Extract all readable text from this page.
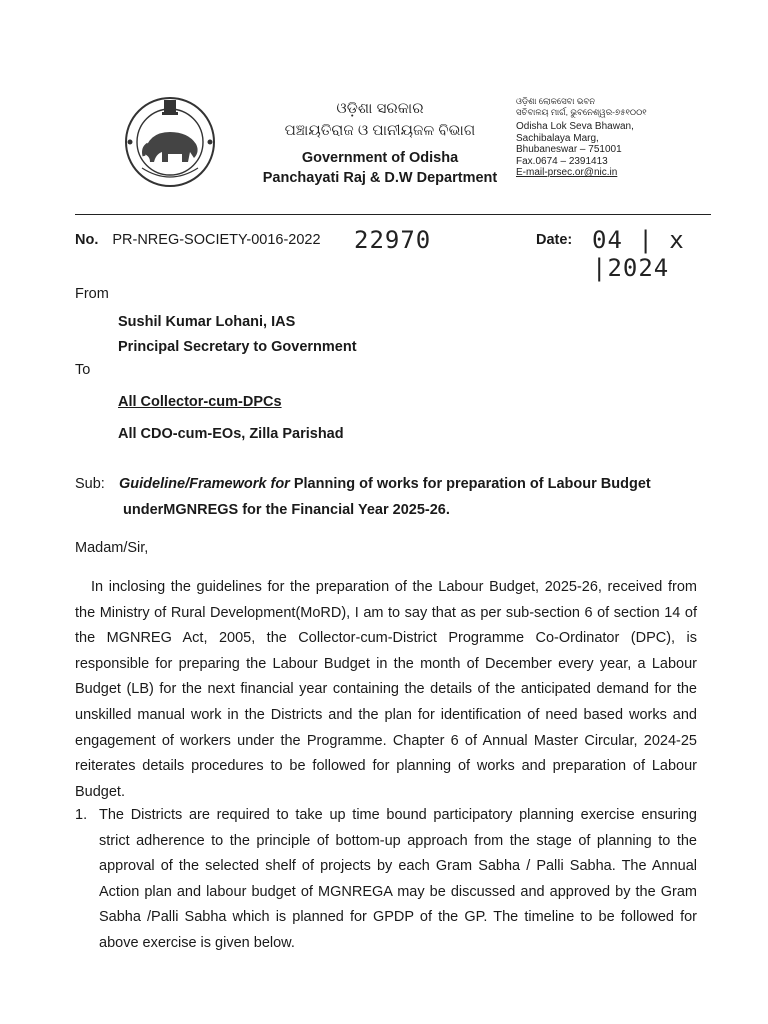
ଓଡ଼ିଶା ସରକାର
ପଞ୍ଚାୟତିରାଜ ଓ ପାନୀୟଜଳ ବିଭାଗ
Government of Odisha
Panchayati Raj & D.W Department
ଓଡ଼ିଶା ଲୋକସେବା ଭବନ
ସଚିବାଳୟ ମାର୍ଗ, ଭୁବନେଶ୍ୱର-୭୫୧୦୦୧
Odisha Lok Seva Bhawan,
Sachibalaya Marg,
Bhubaneswar – 751001
Fax.0674 – 2391413
E-mail-prsec.or@nic.in
No. PR-NREG-SOCIETY-0016-2022 22970	Date: 04 | x |2024
From
Sushil Kumar Lohani, IAS
Principal Secretary to Government
To
All Collector-cum-DPCs
All CDO-cum-EOs, Zilla Parishad
Sub: Guideline/Framework for Planning of works for preparation of Labour Budget
underMGNREGS for the Financial Year 2025-26.
Madam/Sir,
In inclosing the guidelines for the preparation of the Labour Budget, 2025-26, received from the Ministry of Rural Development(MoRD), I am to say that as per sub-section 6 of section 14 of the MGNREG Act, 2005, the Collector-cum-District Programme Co-Ordinator (DPC), is responsible for preparing the Labour Budget in the month of December every year, a Labour Budget (LB) for the next financial year containing the details of the anticipated demand for the unskilled manual work in the Districts and the plan for identification of need based works and engagement of workers under the Programme. Chapter 6 of Annual Master Circular, 2024-25 reiterates details procedures to be followed for planning of works and preparation of Labour Budget.
1. The Districts are required to take up time bound participatory planning exercise ensuring strict adherence to the principle of bottom-up approach from the stage of planning to the approval of the selected shelf of projects by each Gram Sabha / Palli Sabha. The Annual Action plan and labour budget of MGNREGA may be discussed and approved by the Gram Sabha /Palli Sabha which is planned for GPDP of the GP. The timeline to be followed for above exercise is given below.
